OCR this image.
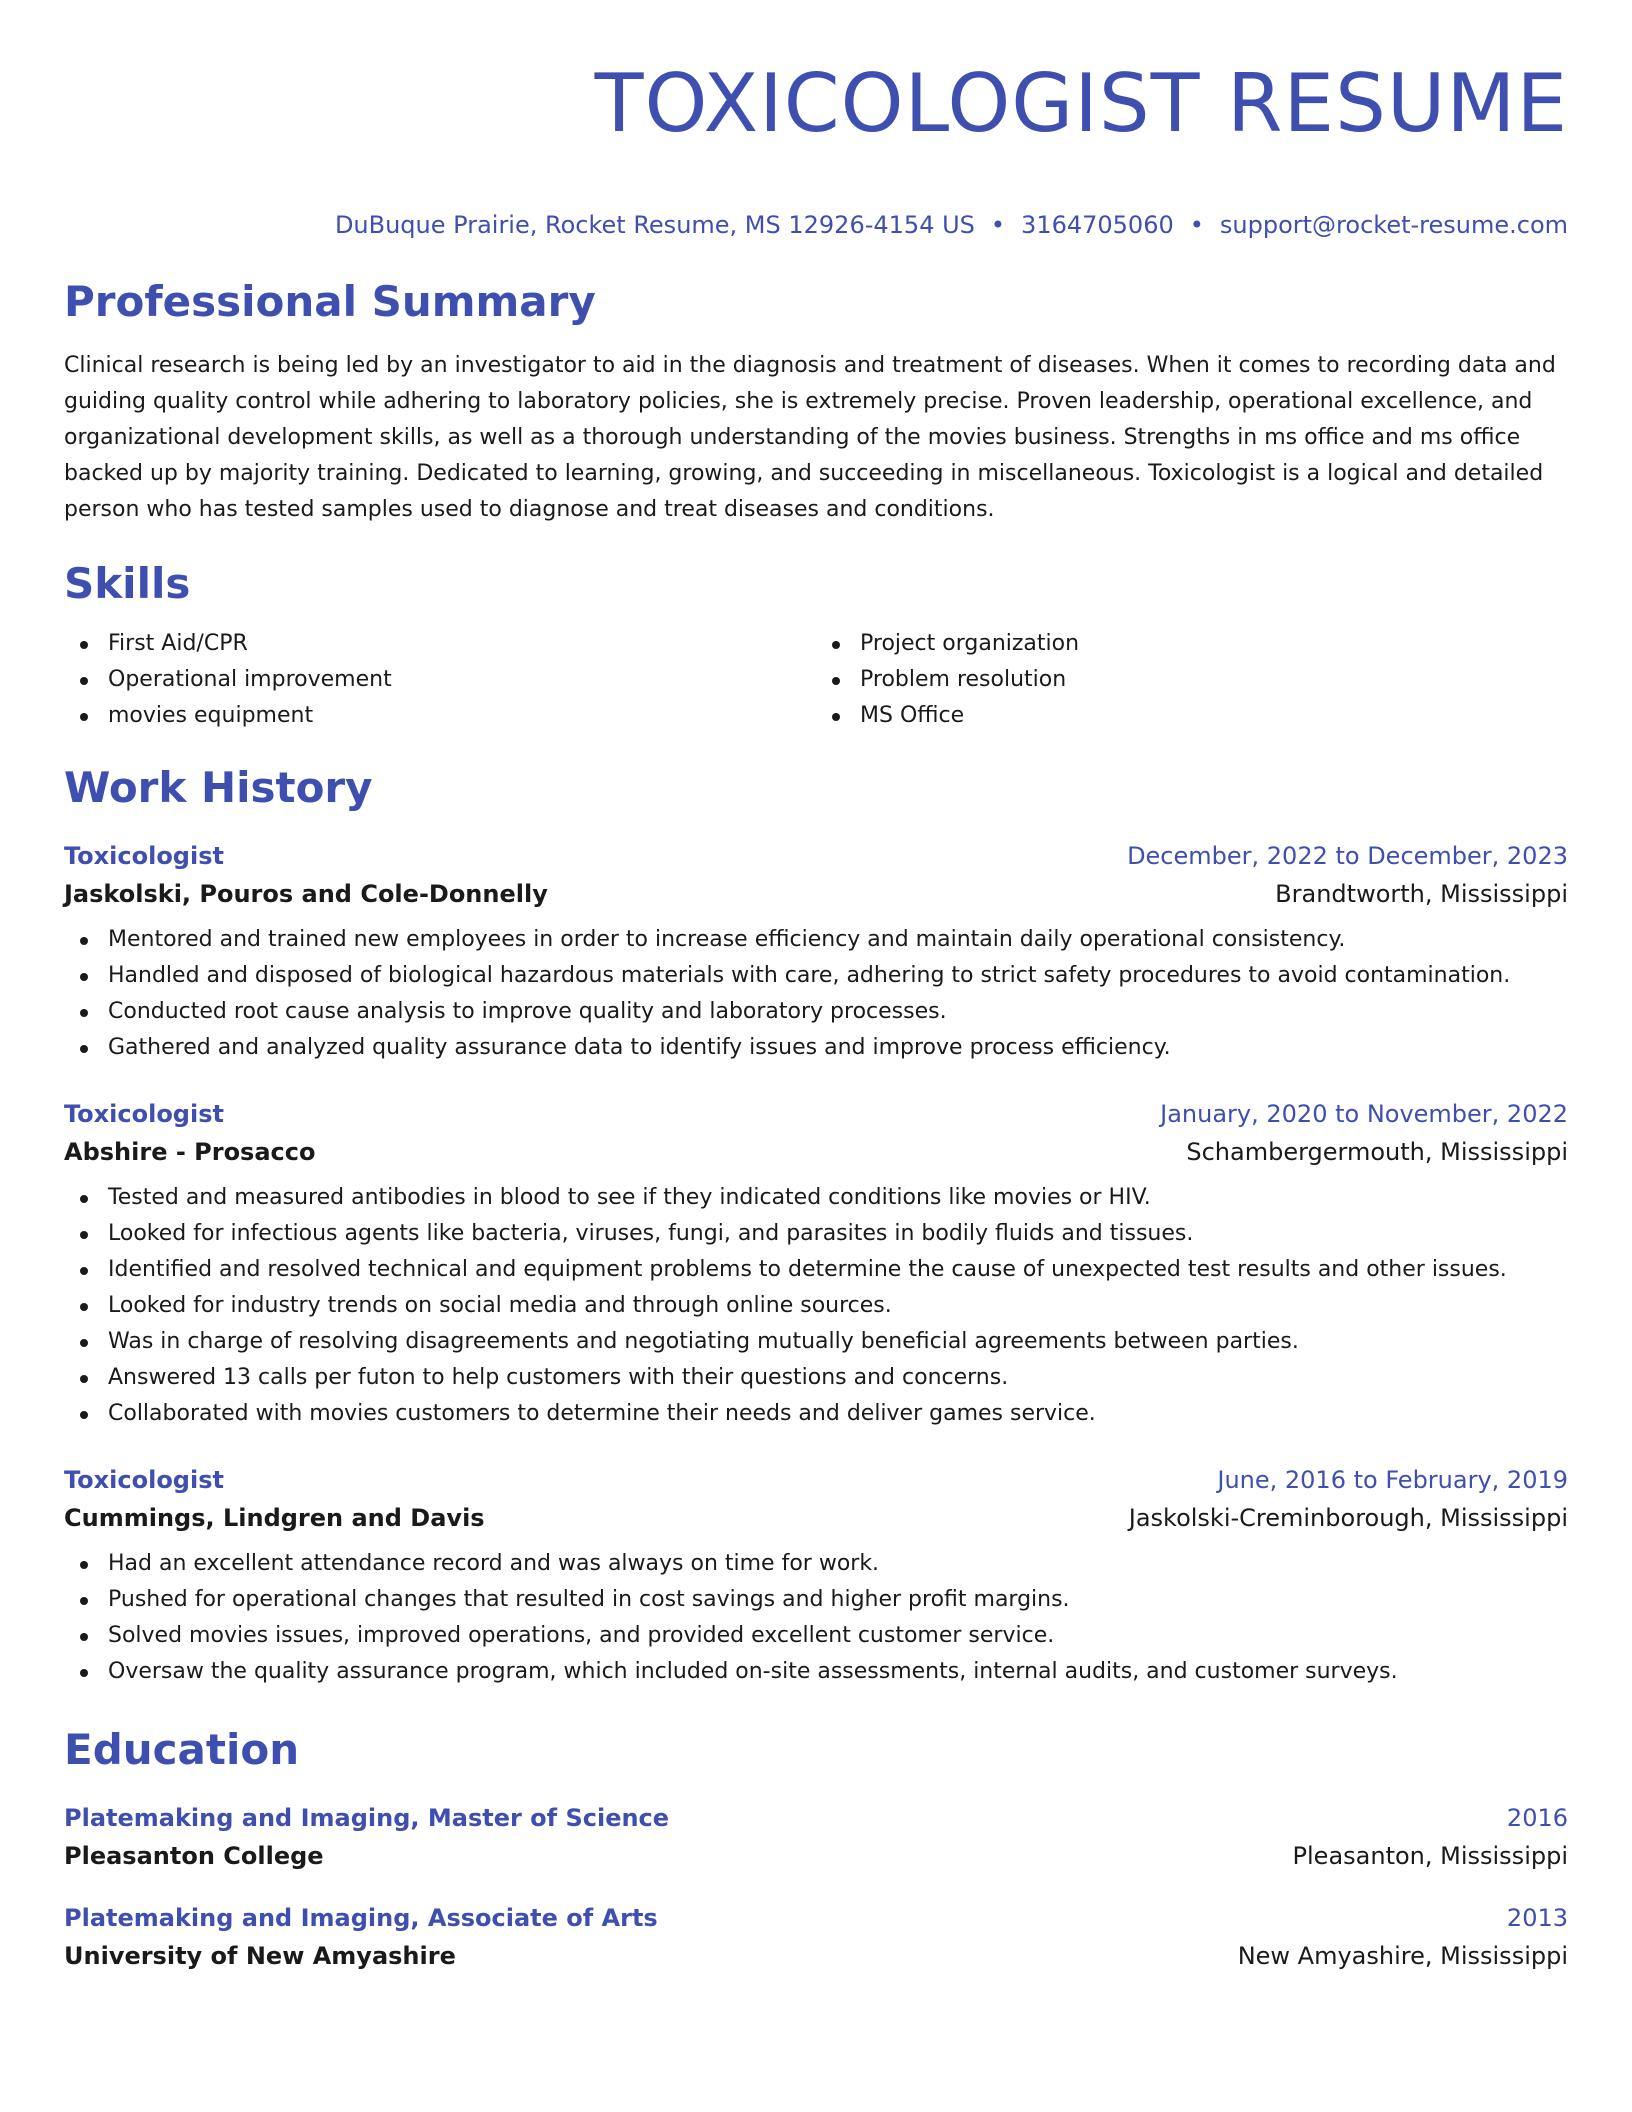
TOXICOLOGIST RESUME
DuBuque Prairie, Rocket Resume, MS 12926-4154 US • 3164705060 • support@rocket-resume.com
Professional Summary

Clinical research is being led by an investigator to aid in the diagnosis and treatment of diseases. When it comes to recording data and guiding quality control while adhering to laboratory policies, she is extremely precise. Proven leadership, operational excellence, and organizational development skills, as well as a thorough understanding of the movies business. Strengths in ms office and ms office backed up by majority training. Dedicated to learning, growing, and succeeding in miscellaneous. Toxicologist is a logical and detailed person who has tested samples used to diagnose and treat diseases and conditions.

Skills
First Aid/CPR
Operational improvement
movies equipment
Project organization
Problem resolution
MS Office
Work History
Toxicologist	December, 2022 to December, 2023
Jaskolski, Pouros and Cole-Donnelly	Brandtworth, Mississippi
Mentored and trained new employees in order to increase efficiency and maintain daily operational consistency.
Handled and disposed of biological hazardous materials with care, adhering to strict safety procedures to avoid contamination.
Conducted root cause analysis to improve quality and laboratory processes.
Gathered and analyzed quality assurance data to identify issues and improve process efficiency.
Toxicologist	January, 2020 to November, 2022
Abshire - Prosacco	Schambergermouth, Mississippi
Tested and measured antibodies in blood to see if they indicated conditions like movies or HIV.
Looked for infectious agents like bacteria, viruses, fungi, and parasites in bodily fluids and tissues.
Identified and resolved technical and equipment problems to determine the cause of unexpected test results and other issues.
Looked for industry trends on social media and through online sources.
Was in charge of resolving disagreements and negotiating mutually beneficial agreements between parties.
Answered 13 calls per futon to help customers with their questions and concerns.
Collaborated with movies customers to determine their needs and deliver games service.
Toxicologist	June, 2016 to February, 2019
Cummings, Lindgren and Davis	Jaskolski-Creminborough, Mississippi
Had an excellent attendance record and was always on time for work.
Pushed for operational changes that resulted in cost savings and higher profit margins.
Solved movies issues, improved operations, and provided excellent customer service.
Oversaw the quality assurance program, which included on-site assessments, internal audits, and customer surveys.
Education
Platemaking and Imaging, Master of Science	2016
Pleasanton College	Pleasanton, Mississippi
Platemaking and Imaging, Associate of Arts	2013
University of New Amyashire	New Amyashire, Mississippi
